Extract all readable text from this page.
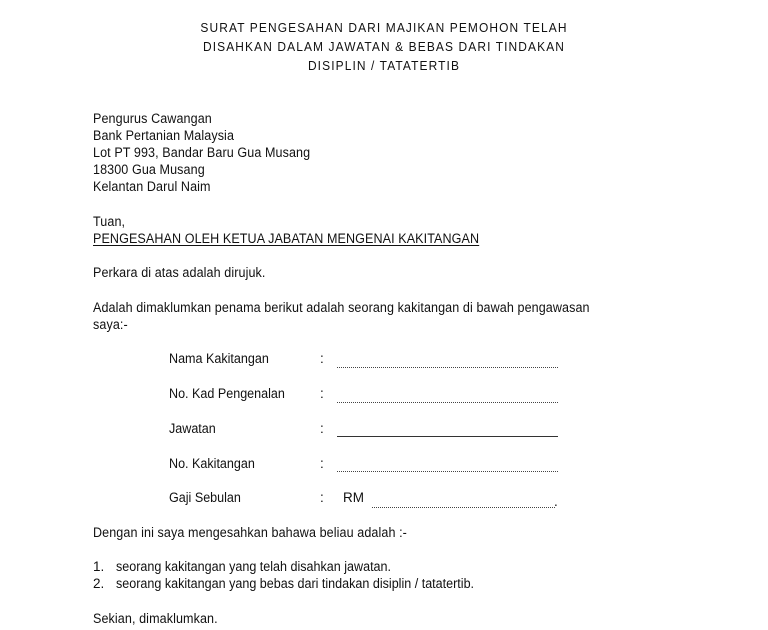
SURAT PENGESAHAN DARI MAJIKAN PEMOHON TELAH
DISAHKAN DALAM JAWATAN & BEBAS DARI TINDAKAN
DISIPLIN / TATATERTIB
Pengurus Cawangan
Bank Pertanian Malaysia
Lot PT 993, Bandar Baru Gua Musang
18300 Gua Musang
Kelantan Darul Naim
Tuan,
PENGESAHAN OLEH KETUA JABATAN MENGENAI KAKITANGAN
Perkara di atas adalah dirujuk.
Adalah dimaklumkan penama berikut adalah seorang kakitangan di bawah pengawasan
saya:-
Nama Kakitangan	:
No. Kad Pengenalan	:
Jawatan	:
No. Kakitangan	:
Gaji Sebulan	: RM	.
Dengan ini saya mengesahkan bahawa beliau adalah :-
1. seorang kakitangan yang telah disahkan jawatan.
2. seorang kakitangan yang bebas dari tindakan disiplin / tatatertib.
Sekian, dimaklumkan.
